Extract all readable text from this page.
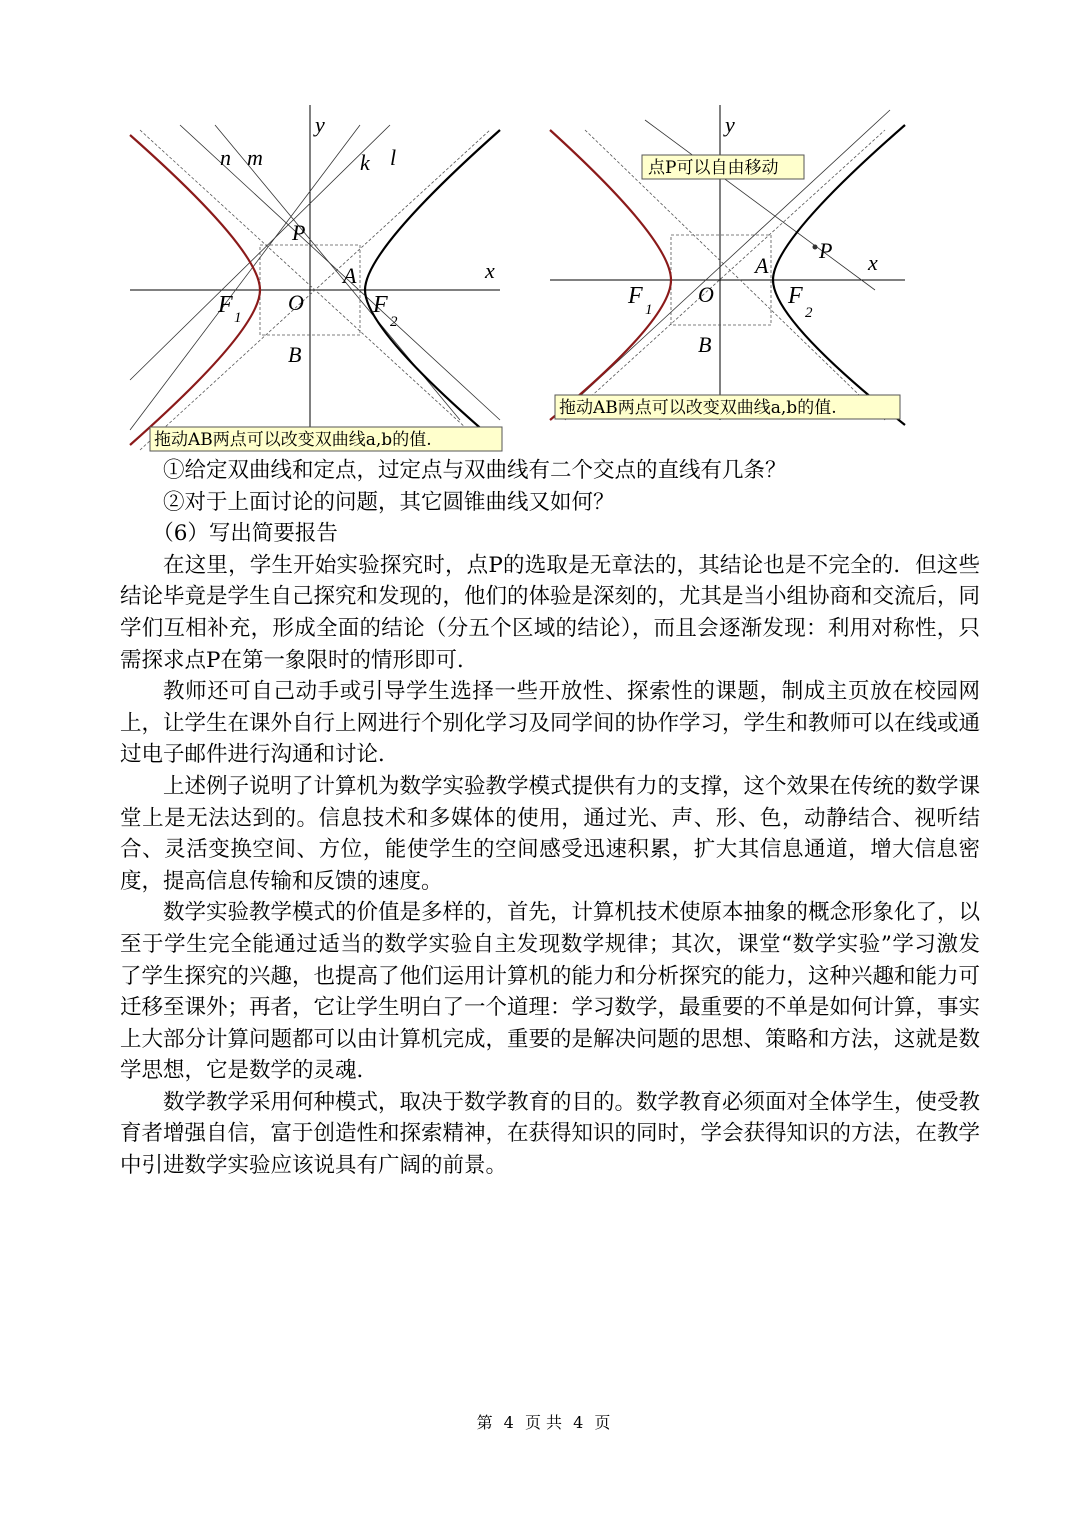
n m	k l
y
x
P
A
O
B
F 1	F
2
拖动AB两点可以改变双曲线a,b的值.
y
x
P
A
O
B
F
1
F
2
点P可以自由移动
拖动AB两点可以改变双曲线a,b的值.

①给定双曲线和定点，过定点与双曲线有二个交点的直线有几条？

②对于上面讨论的问题，其它圆锥曲线又如何？

（6）写出简要报告

在这里，学生开始实验探究时，点P的选取是无章法的，其结论也是不完全的．但这些结论毕竟是学生自己探究和发现的，他们的体验是深刻的，尤其是当小组协商和交流后，同学们互相补充，形成全面的结论（分五个区域的结论），而且会逐渐发现：利用对称性，只需探求点P在第一象限时的情形即可．

教师还可自己动手或引导学生选择一些开放性、探索性的课题，制成主页放在校园网上，让学生在课外自行上网进行个别化学习及同学间的协作学习，学生和教师可以在线或通过电子邮件进行沟通和讨论．

上述例子说明了计算机为数学实验教学模式提供有力的支撑，这个效果在传统的数学课堂上是无法达到的。信息技术和多媒体的使用，通过光、声、形、色，动静结合、视听结合、灵活变换空间、方位，能使学生的空间感受迅速积累，扩大其信息通道，增大信息密度，提高信息传输和反馈的速度。

数学实验教学模式的价值是多样的，首先，计算机技术使原本抽象的概念形象化了，以至于学生完全能通过适当的数学实验自主发现数学规律；其次，课堂“数学实验”学习激发了学生探究的兴趣，也提高了他们运用计算机的能力和分析探究的能力，这种兴趣和能力可迁移至课外；再者，它让学生明白了一个道理：学习数学，最重要的不单是如何计算，事实上大部分计算问题都可以由计算机完成，重要的是解决问题的思想、策略和方法，这就是数学思想，它是数学的灵魂．

数学教学采用何种模式，取决于数学教育的目的。数学教育必须面对全体学生，使受教育者增强自信，富于创造性和探索精神，在获得知识的同时，学会获得知识的方法，在教学中引进数学实验应该说具有广阔的前景。

第 4 页 共 4 页
